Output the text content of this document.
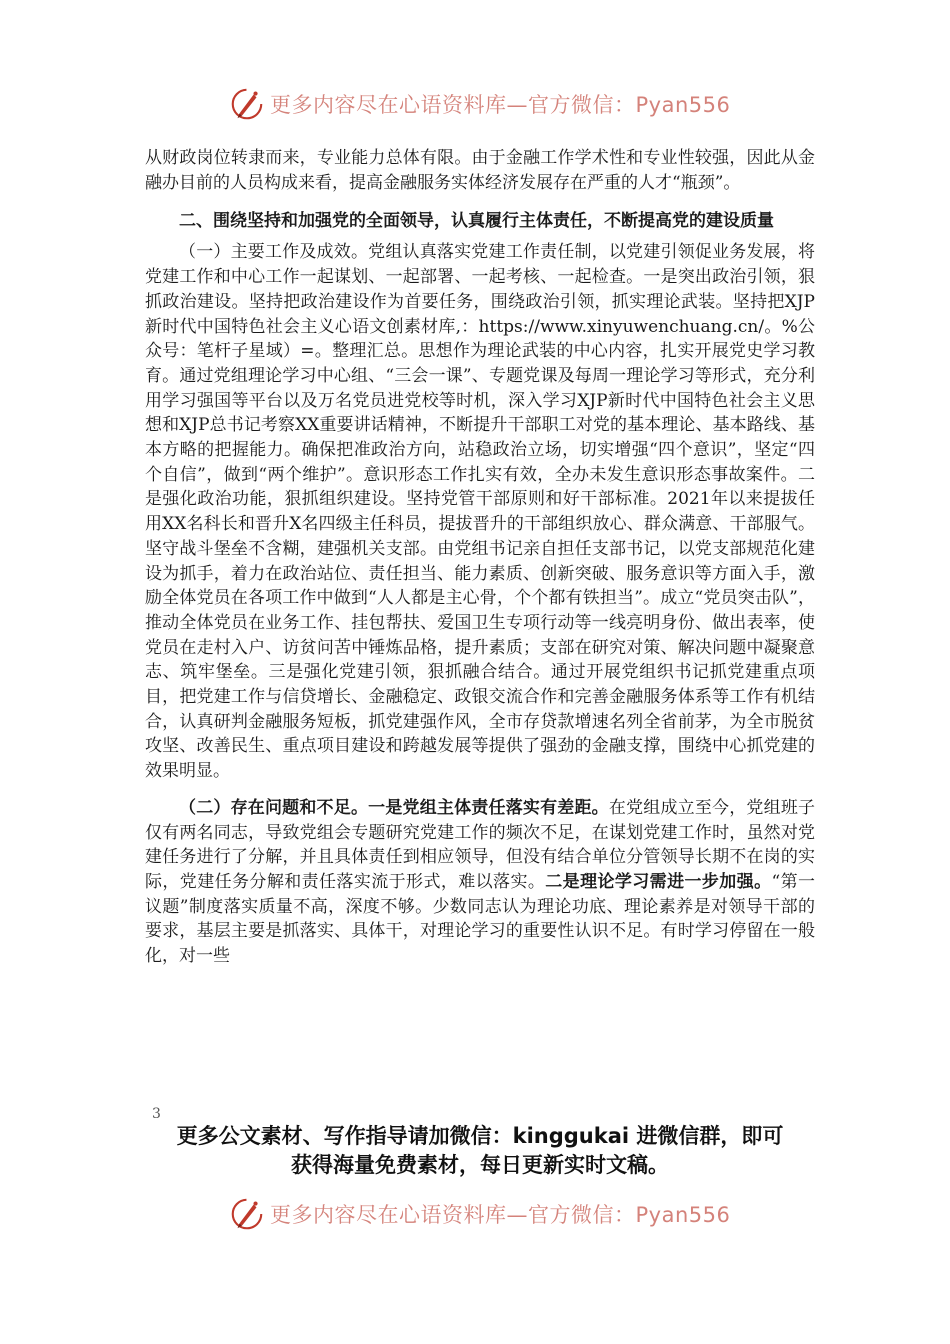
更多内容尽在心语资料库—官方微信：Pyan556

从财政岗位转隶而来，专业能力总体有限。由于金融工作学术性和专业性较强，因此从金融办目前的人员构成来看，提高金融服务实体经济发展存在严重的人才“瓶颈”。

二、围绕坚持和加强党的全面领导，认真履行主体责任，不断提高党的建设质量

（一）主要工作及成效。党组认真落实党建工作责任制，以党建引领促业务发展，将党建工作和中心工作一起谋划、一起部署、一起考核、一起检查。一是突出政治引领，狠抓政治建设。坚持把政治建设作为首要任务，围绕政治引领，抓实理论武装。坚持把XJP新时代中国特色社会主义心语文创素材库,：https://www.xinyuwenchuang.cn/。%公众号：笔杆子星域）=。整理汇总。思想作为理论武装的中心内容，扎实开展党史学习教育。通过党组理论学习中心组、“三会一课”、专题党课及每周一理论学习等形式，充分利用学习强国等平台以及万名党员进党校等时机，深入学习XJP新时代中国特色社会主义思想和XJP总书记考察XX重要讲话精神，不断提升干部职工对党的基本理论、基本路线、基本方略的把握能力。确保把准政治方向，站稳政治立场，切实增强“四个意识”，坚定“四个自信”，做到“两个维护”。意识形态工作扎实有效，全办未发生意识形态事故案件。二是强化政治功能，狠抓组织建设。坚持党管干部原则和好干部标准。2021年以来提拔任用XX名科长和晋升X名四级主任科员，提拔晋升的干部组织放心、群众满意、干部服气。坚守战斗堡垒不含糊，建强机关支部。由党组书记亲自担任支部书记，以党支部规范化建设为抓手，着力在政治站位、责任担当、能力素质、创新突破、服务意识等方面入手，激励全体党员在各项工作中做到“人人都是主心骨，个个都有铁担当”。成立“党员突击队”，推动全体党员在业务工作、挂包帮扶、爱国卫生专项行动等一线亮明身份、做出表率，使党员在走村入户、访贫问苦中锤炼品格，提升素质；支部在研究对策、解决问题中凝聚意志、筑牢堡垒。三是强化党建引领，狠抓融合结合。通过开展党组织书记抓党建重点项目，把党建工作与信贷增长、金融稳定、政银交流合作和完善金融服务体系等工作有机结合，认真研判金融服务短板，抓党建强作风，全市存贷款增速名列全省前茅，为全市脱贫攻坚、改善民生、重点项目建设和跨越发展等提供了强劲的金融支撑，围绕中心抓党建的效果明显。

（二）存在问题和不足。一是党组主体责任落实有差距。在党组成立至今，党组班子仅有两名同志，导致党组会专题研究党建工作的频次不足，在谋划党建工作时，虽然对党建任务进行了分解，并且具体责任到相应领导，但没有结合单位分管领导长期不在岗的实际，党建任务分解和责任落实流于形式，难以落实。二是理论学习需进一步加强。“第一议题”制度落实质量不高，深度不够。少数同志认为理论功底、理论素养是对领导干部的要求，基层主要是抓落实、具体干，对理论学习的重要性认识不足。有时学习停留在一般化，对一些

3
更多公文素材、写作指导请加微信：kinggukai 进微信群，即可
获得海量免费素材，每日更新实时文稿。
更多内容尽在心语资料库—官方微信：Pyan556
